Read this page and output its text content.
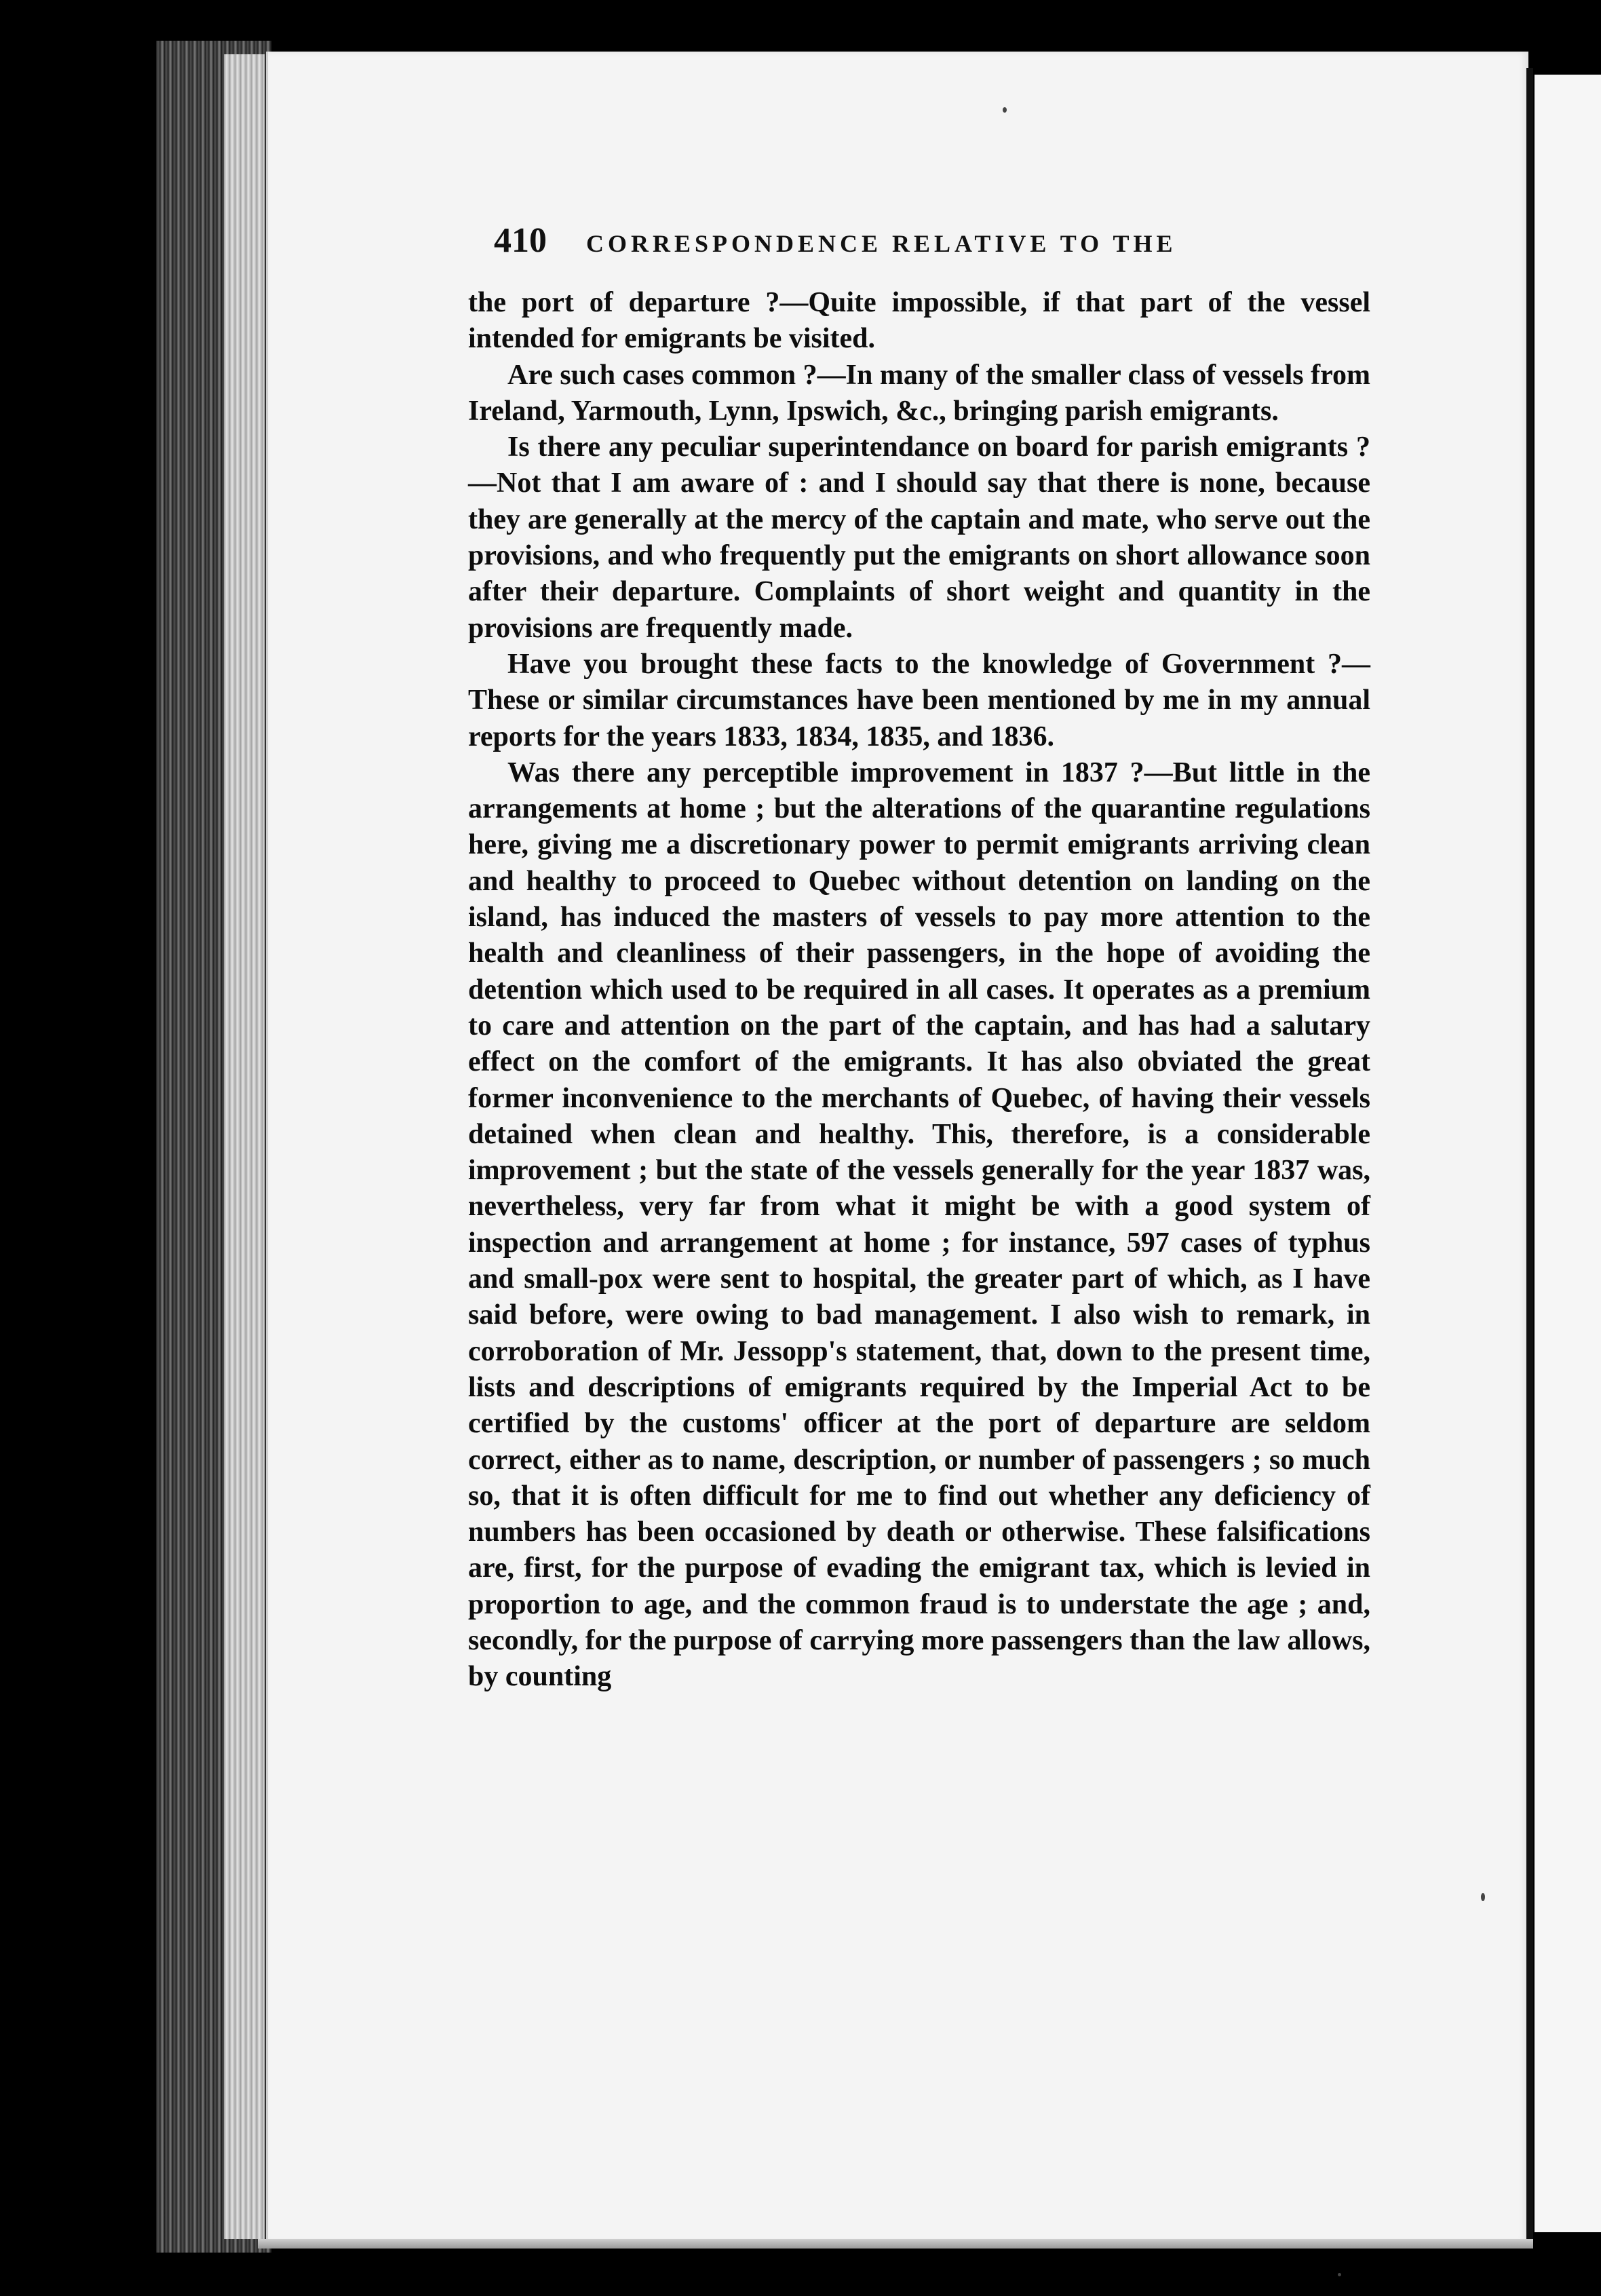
410 CORRESPONDENCE RELATIVE TO THE

the port of departure ?—Quite impossible, if that part of the vessel intended for emigrants be visited.

Are such cases common ?—In many of the smaller class of vessels from Ireland, Yarmouth, Lynn, Ipswich, &c., bringing parish emigrants.

Is there any peculiar superintendance on board for parish emigrants ?—Not that I am aware of : and I should say that there is none, because they are generally at the mercy of the captain and mate, who serve out the provisions, and who frequently put the emigrants on short allowance soon after their departure. Complaints of short weight and quantity in the provisions are frequently made.

Have you brought these facts to the knowledge of Government ?—These or similar circumstances have been mentioned by me in my annual reports for the years 1833, 1834, 1835, and 1836.

Was there any perceptible improvement in 1837 ?—But little in the arrangements at home ; but the alterations of the quarantine regulations here, giving me a discretionary power to permit emigrants arriving clean and healthy to proceed to Quebec without detention on landing on the island, has induced the masters of vessels to pay more attention to the health and cleanliness of their passengers, in the hope of avoiding the detention which used to be required in all cases. It operates as a premium to care and attention on the part of the captain, and has had a salutary effect on the comfort of the emigrants. It has also obviated the great former inconvenience to the merchants of Quebec, of having their vessels detained when clean and healthy. This, therefore, is a considerable improvement ; but the state of the vessels generally for the year 1837 was, nevertheless, very far from what it might be with a good system of inspection and arrangement at home ; for instance, 597 cases of typhus and small-pox were sent to hospital, the greater part of which, as I have said before, were owing to bad management. I also wish to remark, in corroboration of Mr. Jessopp's statement, that, down to the present time, lists and descriptions of emigrants required by the Imperial Act to be certified by the customs' officer at the port of departure are seldom correct, either as to name, description, or number of passengers ; so much so, that it is often difficult for me to find out whether any deficiency of numbers has been occasioned by death or otherwise. These falsifications are, first, for the purpose of evading the emigrant tax, which is levied in proportion to age, and the common fraud is to understate the age ; and, secondly, for the purpose of carrying more passengers than the law allows, by counting
